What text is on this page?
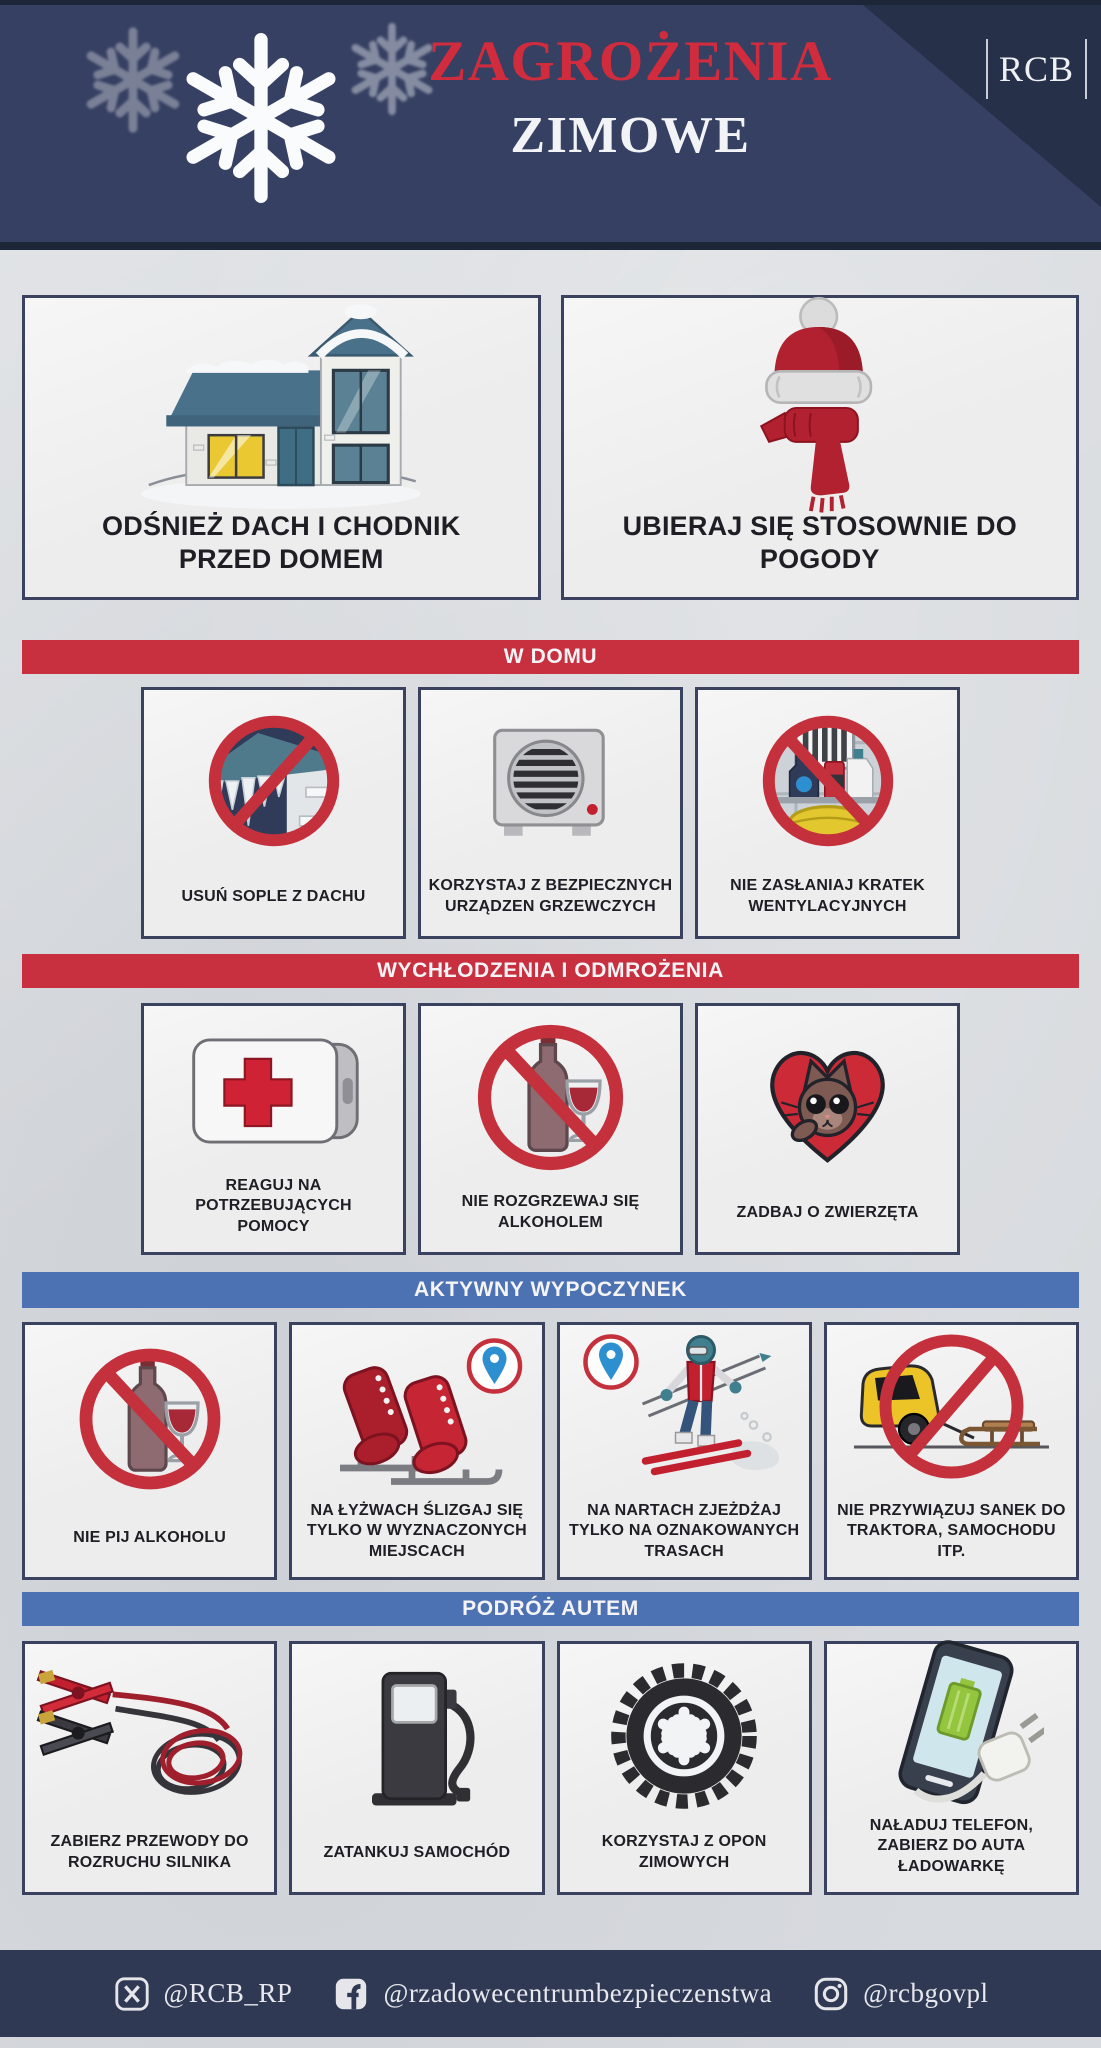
ZAGROŻENIA
ZIMOWE
RCB
ODŚNIEŻ DACH I CHODNIK PRZED DOMEM
UBIERAJ SIĘ STOSOWNIE DO POGODY
W DOMU
USUŃ SOPLE Z DACHU
KORZYSTAJ Z BEZPIECZNYCH URZĄDZEN GRZEWCZYCH
NIE ZASŁANIAJ KRATEK WENTYLACYJNYCH
WYCHŁODZENIA I ODMROŻENIA
REAGUJ NA POTRZEBUJĄCYCH POMOCY
NIE ROZGRZEWAJ SIĘ ALKOHOLEM
ZADBAJ O ZWIERZĘTA
AKTYWNY WYPOCZYNEK
NIE PIJ ALKOHOLU
NA ŁYŻWACH ŚLIZGAJ SIĘ TYLKO W WYZNACZONYCH MIEJSCACH
NA NARTACH ZJEŻDŻAJ TYLKO NA OZNAKOWANYCH TRASACH
NIE PRZYWIĄZUJ SANEK DO TRAKTORA, SAMOCHODU ITP.
PODRÓŻ AUTEM
ZABIERZ PRZEWODY DO ROZRUCHU SILNIKA
ZATANKUJ SAMOCHÓD
KORZYSTAJ Z OPON ZIMOWYCH
NAŁADUJ TELEFON, ZABIERZ DO AUTA ŁADOWARKĘ
@RCB_RP	@rzadowecentrumbezpieczenstwa	@rcbgovpl
